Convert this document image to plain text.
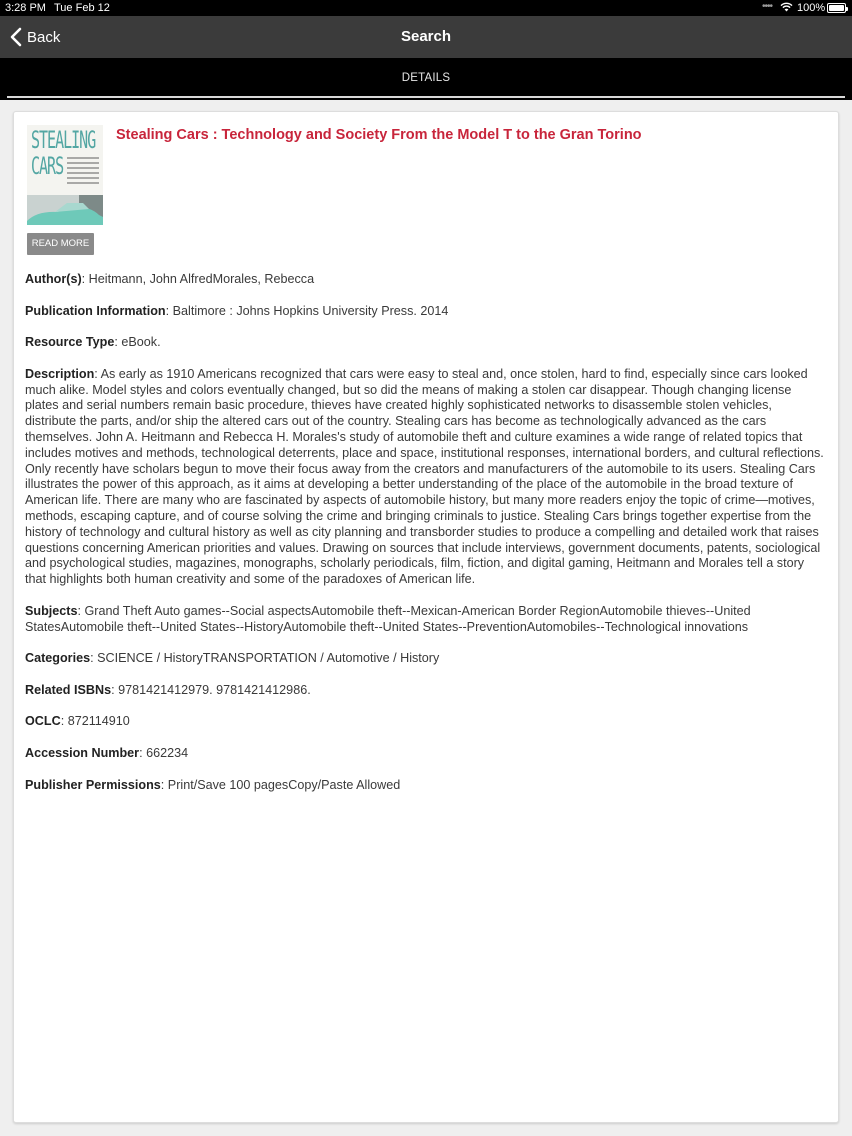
3:28 PM Tue Feb 12	•••• 100%
Back	Search
DETAILS
STEALING
CARS
READ MORE
Stealing Cars : Technology and Society From the Model T to the Gran Torino
Author(s): Heitmann, John AlfredMorales, Rebecca
Publication Information: Baltimore : Johns Hopkins University Press. 2014
Resource Type: eBook.
Description: As early as 1910 Americans recognized that cars were easy to steal and, once stolen, hard to find, especially since cars looked much alike. Model styles and colors eventually changed, but so did the means of making a stolen car disappear. Though changing license plates and serial numbers remain basic procedure, thieves have created highly sophisticated networks to disassemble stolen vehicles, distribute the parts, and/or ship the altered cars out of the country. Stealing cars has become as technologically advanced as the cars themselves. John A. Heitmann and Rebecca H. Morales's study of automobile theft and culture examines a wide range of related topics that includes motives and methods, technological deterrents, place and space, institutional responses, international borders, and cultural reflections. Only recently have scholars begun to move their focus away from the creators and manufacturers of the automobile to its users. Stealing Cars illustrates the power of this approach, as it aims at developing a better understanding of the place of the automobile in the broad texture of American life. There are many who are fascinated by aspects of automobile history, but many more readers enjoy the topic of crime—motives, methods, escaping capture, and of course solving the crime and bringing criminals to justice. Stealing Cars brings together expertise from the history of technology and cultural history as well as city planning and transborder studies to produce a compelling and detailed work that raises questions concerning American priorities and values. Drawing on sources that include interviews, government documents, patents, sociological and psychological studies, magazines, monographs, scholarly periodicals, film, fiction, and digital gaming, Heitmann and Morales tell a story that highlights both human creativity and some of the paradoxes of American life.
Subjects: Grand Theft Auto games--Social aspectsAutomobile theft--Mexican-American Border RegionAutomobile thieves--United StatesAutomobile theft--United States--HistoryAutomobile theft--United States--PreventionAutomobiles--Technological innovations
Categories: SCIENCE / HistoryTRANSPORTATION / Automotive / History
Related ISBNs: 9781421412979. 9781421412986.
OCLC: 872114910
Accession Number: 662234
Publisher Permissions: Print/Save 100 pagesCopy/Paste Allowed
